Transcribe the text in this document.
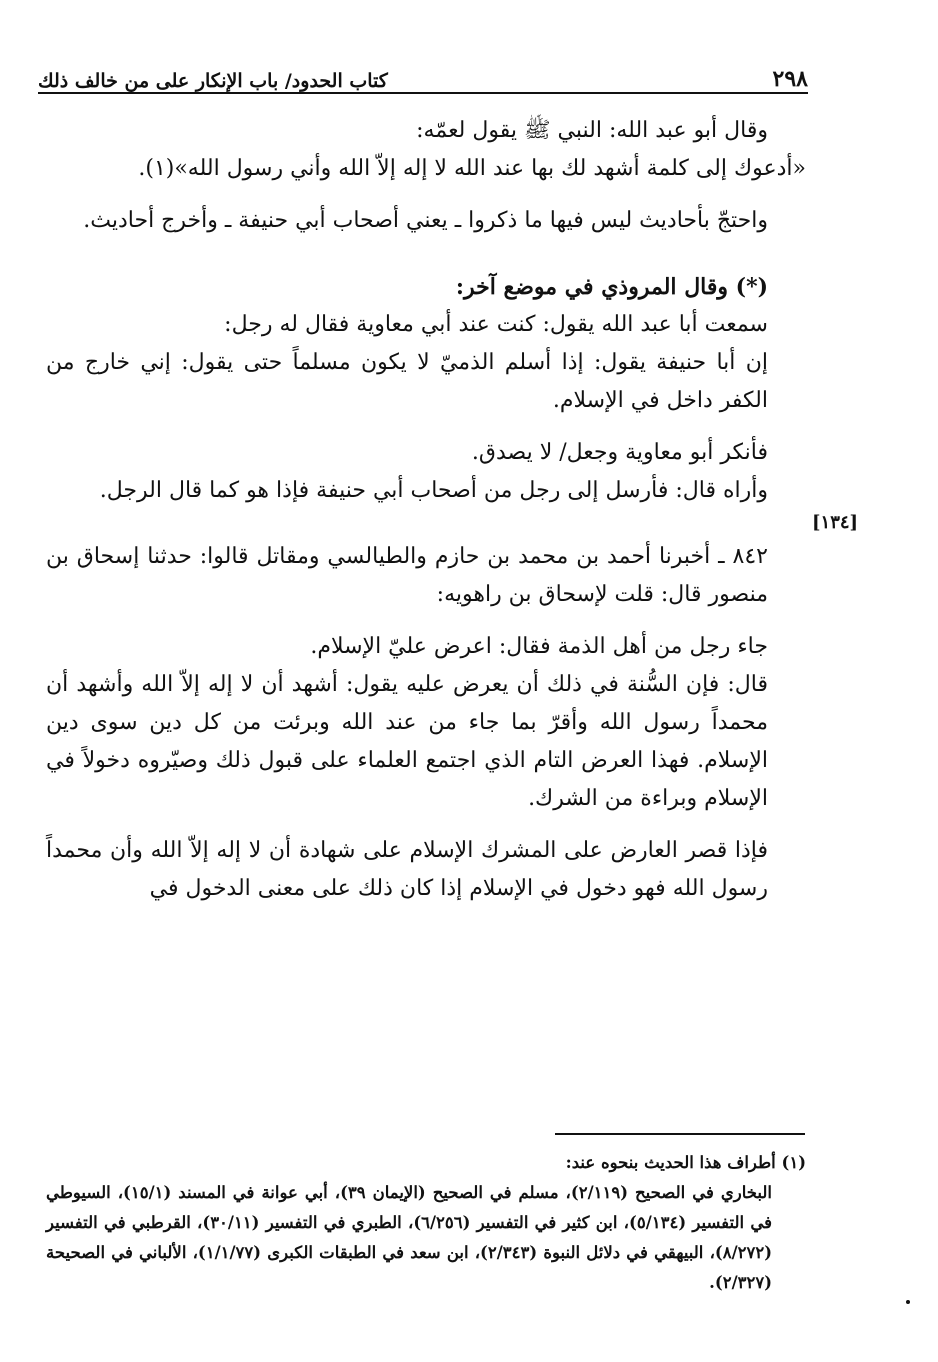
٢٩٨
كتاب الحدود/ باب الإنكار على من خالف ذلك
[١٣٤]

وقال أبو عبد الله: النبي ﷺ يقول لعمّه:

«أدعوك إلى كلمة أشهد لك بها عند الله لا إله إلاّ الله وأني رسول الله»(١).

واحتجّ بأحاديث ليس فيها ما ذكروا ـ يعني أصحاب أبي حنيفة ـ وأخرج أحاديث.

(*) وقال المروذي في موضع آخر:

سمعت أبا عبد الله يقول: كنت عند أبي معاوية فقال له رجل:

إن أبا حنيفة يقول: إذا أسلم الذميّ لا يكون مسلماً حتى يقول: إني خارج من الكفر داخل في الإسلام.

فأنكر أبو معاوية وجعل/ لا يصدق.

وأراه قال: فأرسل إلى رجل من أصحاب أبي حنيفة فإذا هو كما قال الرجل.

٨٤٢ ـ أخبرنا أحمد بن محمد بن حازم والطيالسي ومقاتل قالوا: حدثنا إسحاق بن منصور قال: قلت لإسحاق بن راهويه:

جاء رجل من أهل الذمة فقال: اعرض عليّ الإسلام.

قال: فإن السُّنة في ذلك أن يعرض عليه يقول: أشهد أن لا إله إلاّ الله وأشهد أن محمداً رسول الله وأقرّ بما جاء من عند الله وبرئت من كل دين سوى دين الإسلام. فهذا العرض التام الذي اجتمع العلماء على قبول ذلك وصيّروه دخولاً في الإسلام وبراءة من الشرك.

فإذا قصر العارض على المشرك الإسلام على شهادة أن لا إله إلاّ الله وأن محمداً رسول الله فهو دخول في الإسلام إذا كان ذلك على معنى الدخول في

(١) أطراف هذا الحديث بنحوه عند:

البخاري في الصحيح (٢/١١٩)، مسلم في الصحيح (الإيمان ٣٩)، أبي عوانة في المسند (١٥/١)، السيوطي في التفسير (٥/١٣٤)، ابن كثير في التفسير (٦/٢٥٦)، الطبري في التفسير (٣٠/١١)، القرطبي في التفسير (٨/٢٧٢)، البيهقي في دلائل النبوة (٢/٣٤٣)، ابن سعد في الطبقات الكبرى (١/١/٧٧)، الألباني في الصحيحة (٢/٣٢٧).
